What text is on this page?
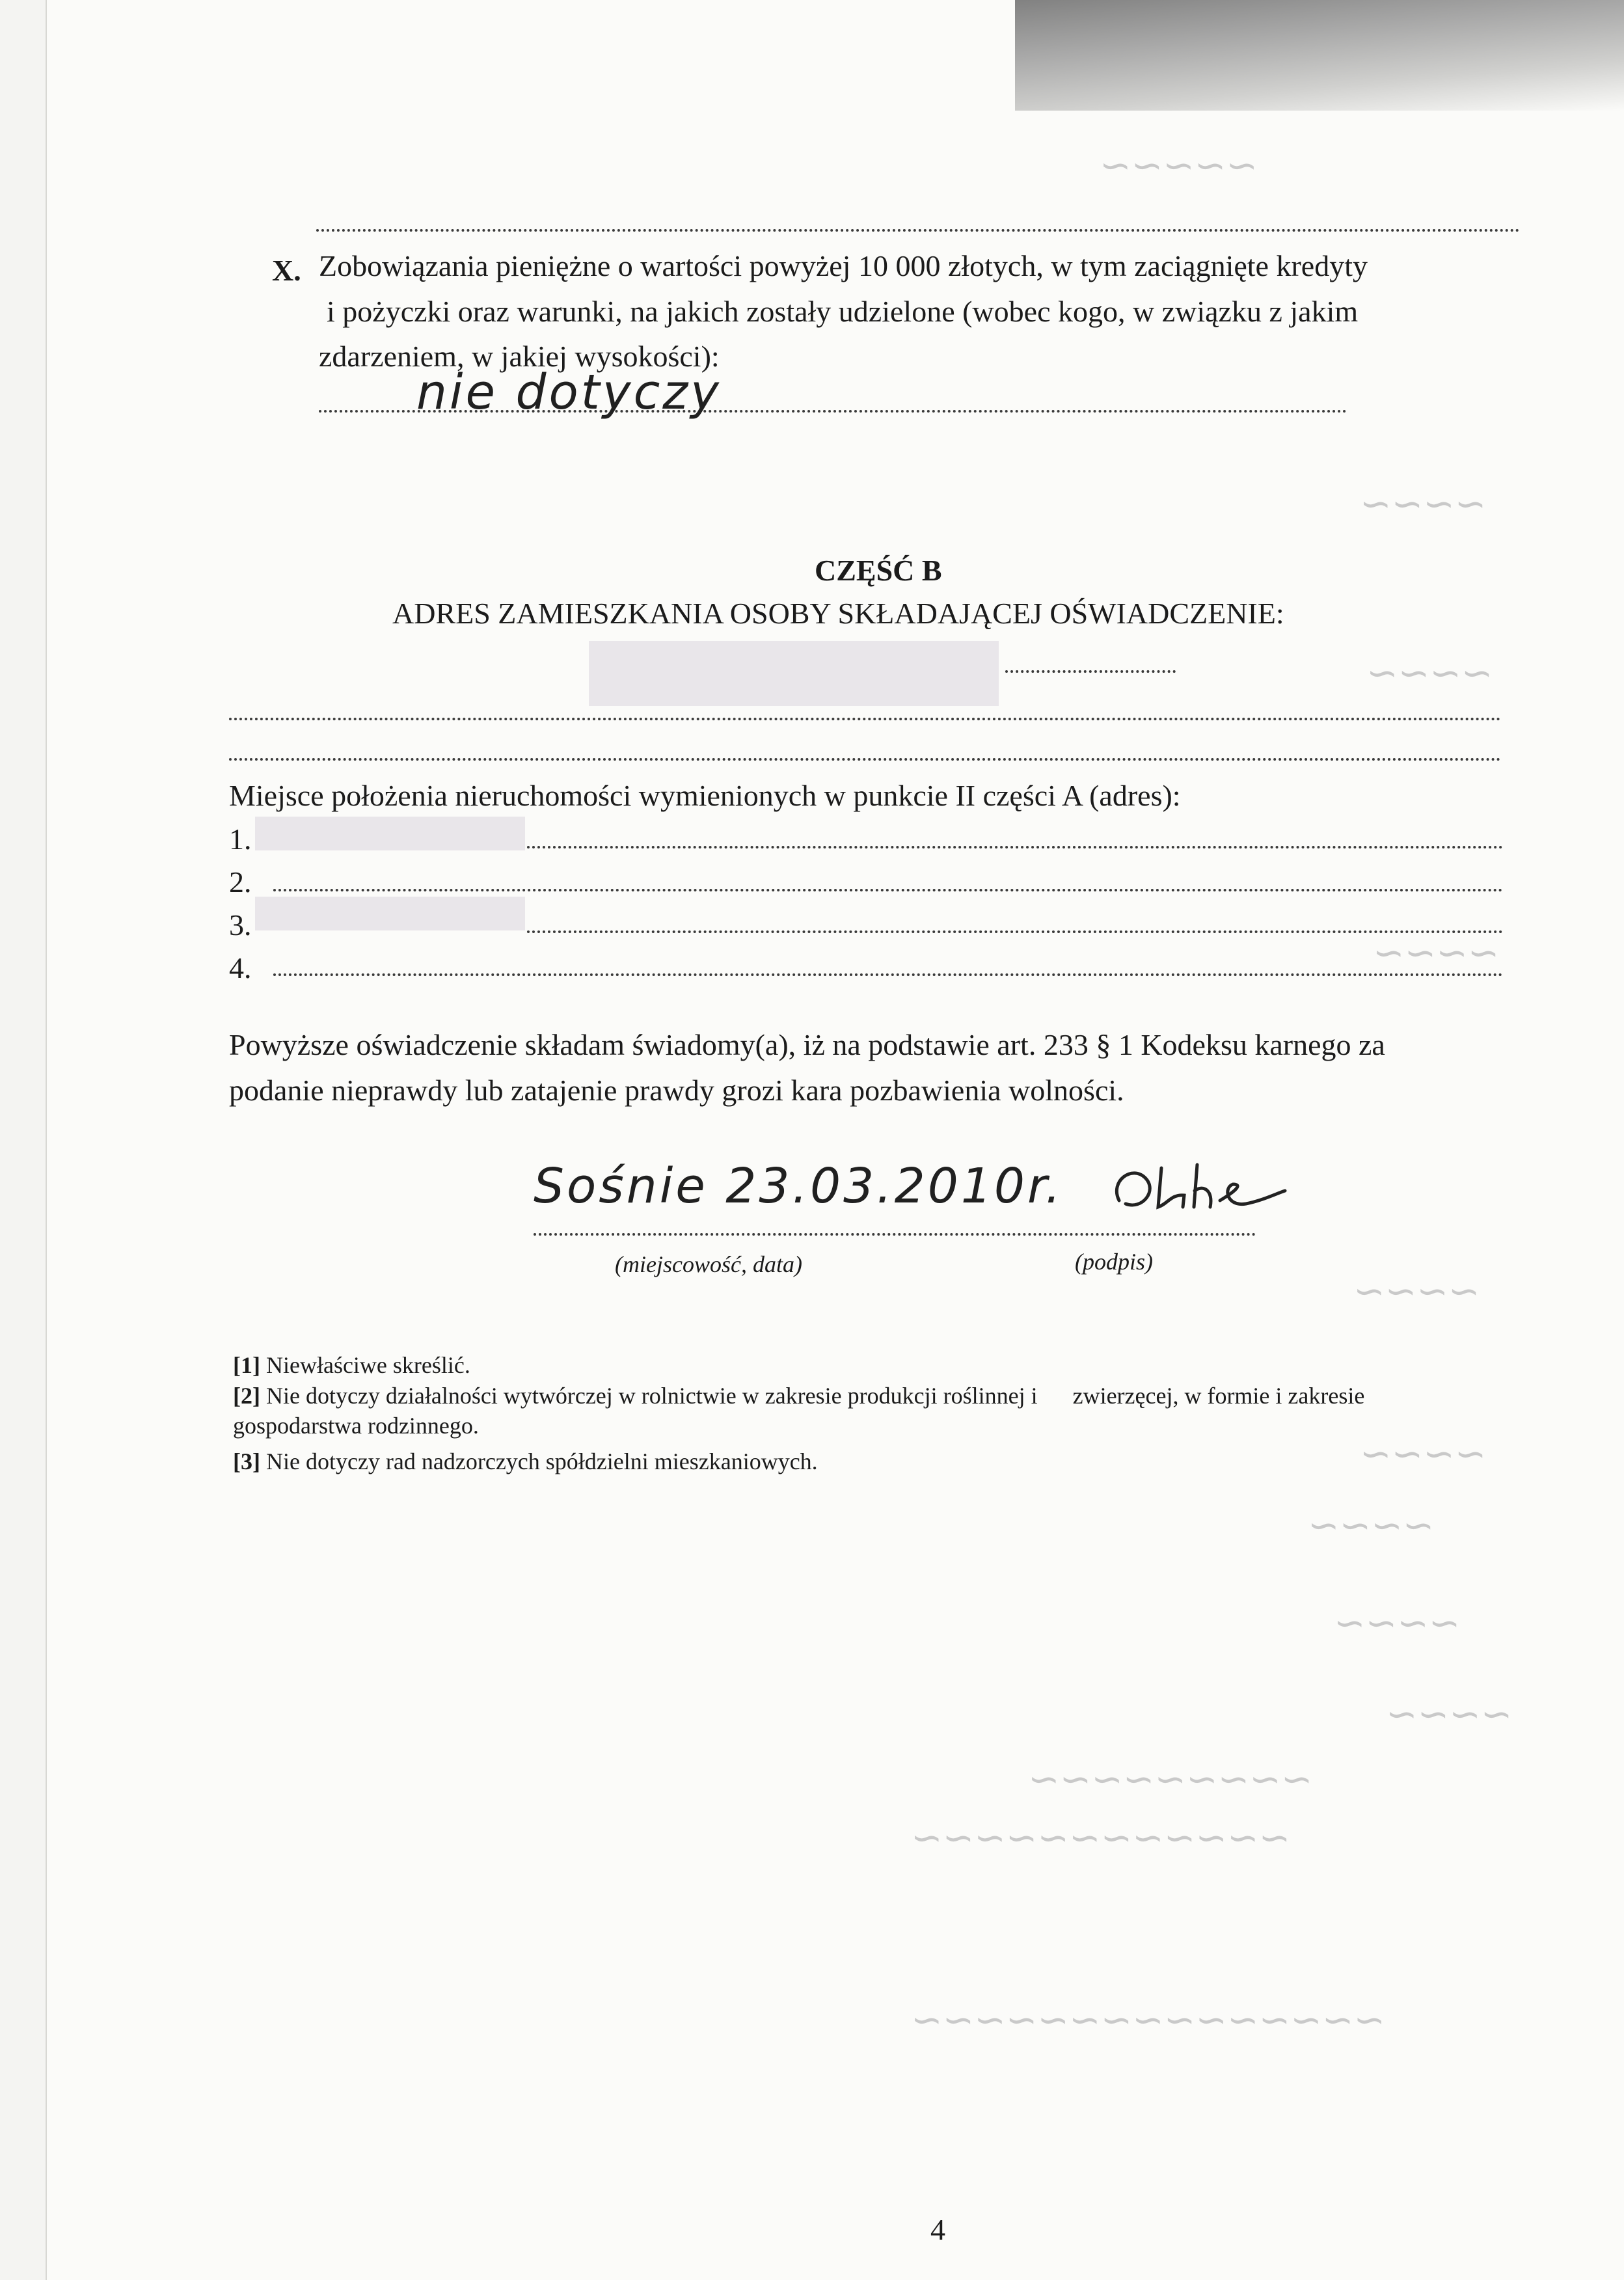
∽∽∽∽∽
∽∽∽∽
∽∽∽∽
∽∽∽∽
∽∽∽∽
∽∽∽∽
∽∽∽∽
∽∽∽∽
∽∽∽∽
∽∽∽∽∽∽∽∽∽
∽∽∽∽∽∽∽∽∽∽∽∽
∽∽∽∽∽∽∽∽∽∽∽∽∽∽∽
X. Zobowiązania pieniężne o wartości powyżej 10 000 złotych, w tym zaciągnięte kredyty
i pożyczki oraz warunki, na jakich zostały udzielone (wobec kogo, w związku z jakim
zdarzeniem, w jakiej wysokości):
nie dotyczy
CZĘŚĆ B
ADRES ZAMIESZKANIA OSOBY SKŁADAJĄCEJ OŚWIADCZENIE:
Miejsce położenia nieruchomości wymienionych w punkcie II części A (adres):
1.
2.
3.
4.
Powyższe oświadczenie składam świadomy(a), iż na podstawie art. 233 § 1 Kodeksu karnego za
podanie nieprawdy lub zatajenie prawdy grozi kara pozbawienia wolności.
Sośnie 23.03.2010r.
(miejscowość, data)	(podpis)
[1] Niewłaściwe skreślić.
[2] Nie dotyczy działalności wytwórczej w rolnictwie w zakresie produkcji roślinnej i      zwierzęcej, w formie i zakresie
gospodarstwa rodzinnego.
[3] Nie dotyczy rad nadzorczych spółdzielni mieszkaniowych.
4
